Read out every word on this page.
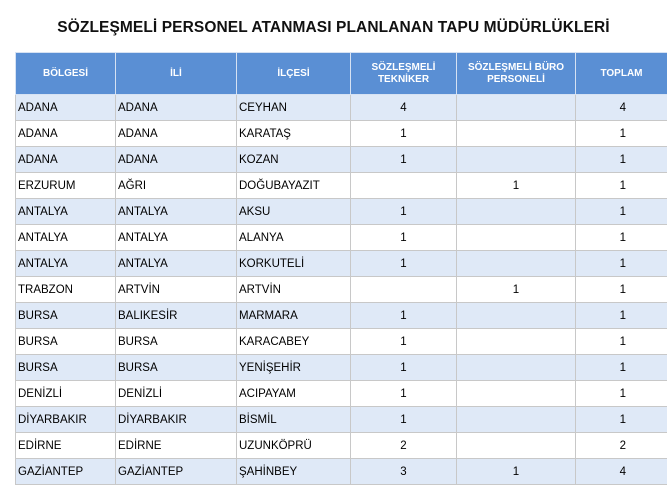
SÖZLEŞMELİ PERSONEL ATANMASI PLANLANAN TAPU MÜDÜRLÜKLERİ
BÖLGESİ	İLİ	İLÇESİ	SÖZLEŞMELİ TEKNİKER	SÖZLEŞMELİ BÜRO PERSONELİ	TOPLAM
ADANA	ADANA	CEYHAN	4		4
ADANA	ADANA	KARATAŞ	1		1
ADANA	ADANA	KOZAN	1		1
ERZURUM	AĞRI	DOĞUBAYAZIT		1	1
ANTALYA	ANTALYA	AKSU	1		1
ANTALYA	ANTALYA	ALANYA	1		1
ANTALYA	ANTALYA	KORKUTELİ	1		1
TRABZON	ARTVİN	ARTVİN		1	1
BURSA	BALIKESİR	MARMARA	1		1
BURSA	BURSA	KARACABEY	1		1
BURSA	BURSA	YENİŞEHİR	1		1
DENİZLİ	DENİZLİ	ACIPAYAM	1		1
DİYARBAKIR	DİYARBAKIR	BİSMİL	1		1
EDİRNE	EDİRNE	UZUNKÖPRÜ	2		2
GAZİANTEP	GAZİANTEP	ŞAHİNBEY	3	1	4
